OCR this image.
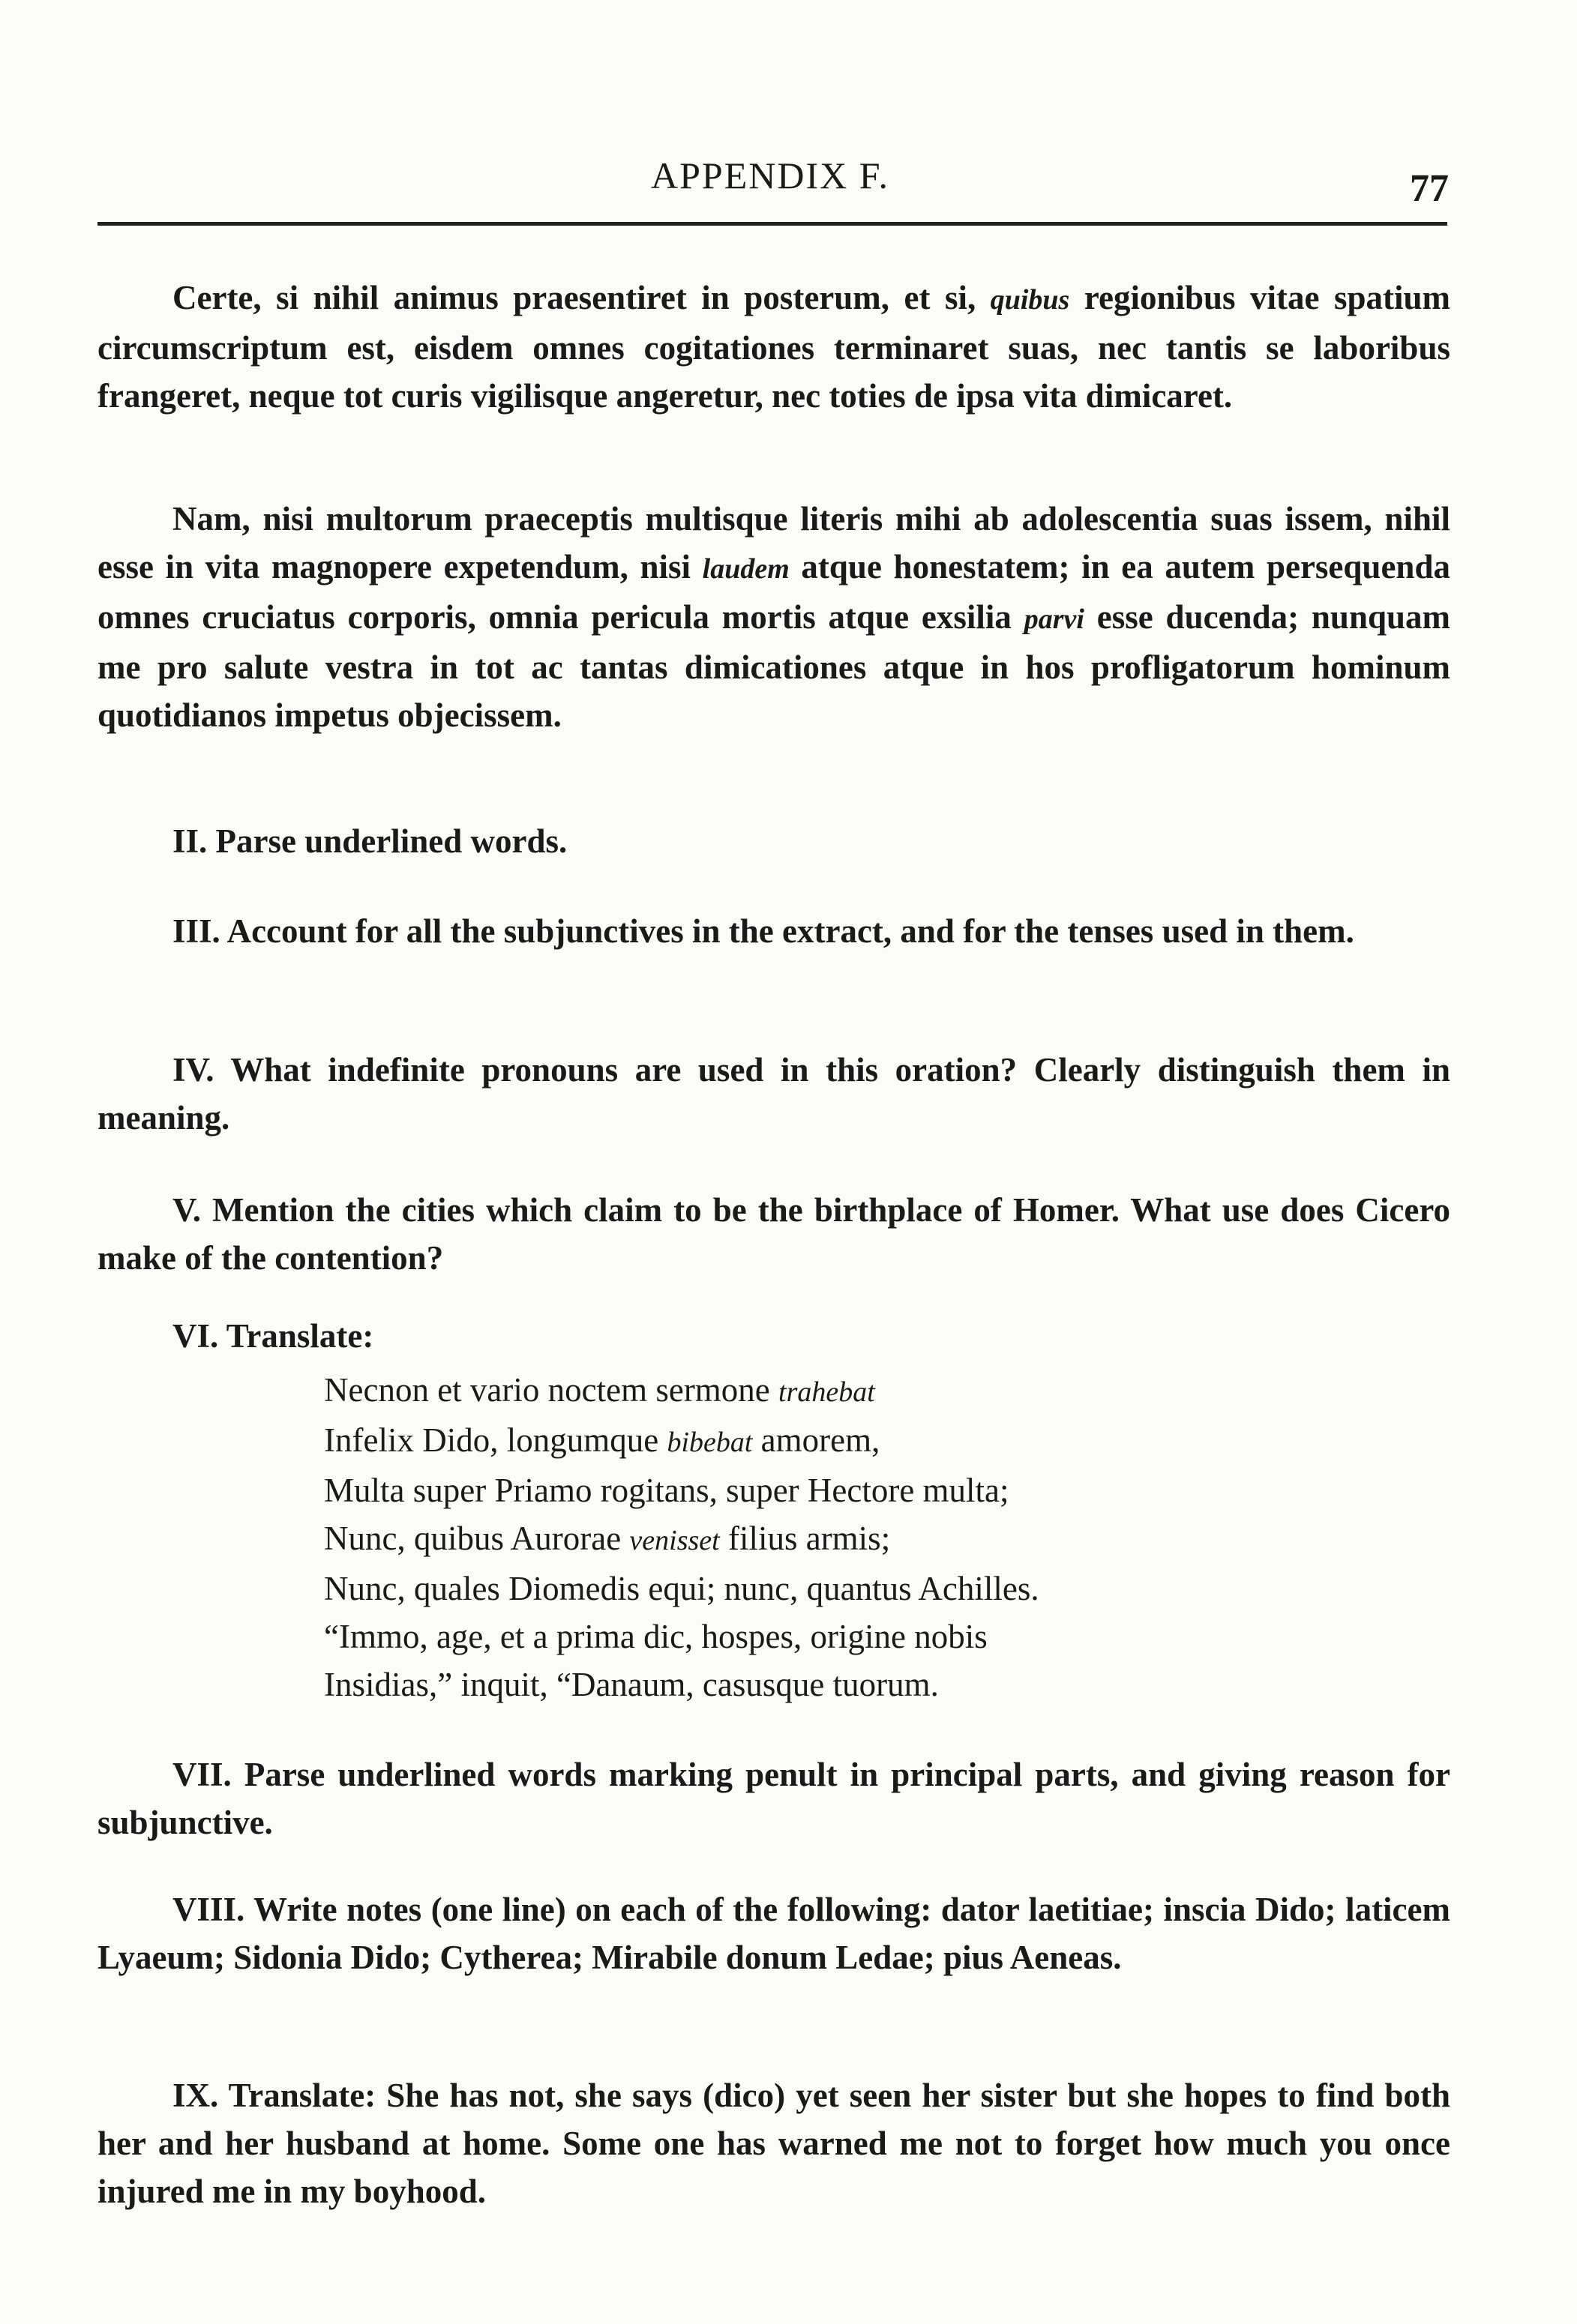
APPENDIX F.	77

Certe, si nihil animus praesentiret in posterum, et si, quibus regionibus vitae spatium circumscriptum est, eisdem omnes cogitationes terminaret suas, nec tantis se laboribus frangeret, neque tot curis vigilisque angeretur, nec toties de ipsa vita dimicaret.

Nam, nisi multorum praeceptis multisque literis mihi ab adolescentia suas issem, nihil esse in vita magnopere expetendum, nisi laudem atque honestatem; in ea autem persequenda omnes cruciatus corporis, omnia pericula mortis atque exsilia parvi esse ducenda; nunquam me pro salute vestra in tot ac tantas dimicationes atque in hos profligatorum hominum quotidianos impetus objecissem.

II. Parse underlined words.

III. Account for all the subjunctives in the extract, and for the tenses used in them.

IV. What indefinite pronouns are used in this oration? Clearly distinguish them in meaning.

V. Mention the cities which claim to be the birthplace of Homer. What use does Cicero make of the contention?

VI. Translate:

Necnon et vario noctem sermone trahebat
Infelix Dido, longumque bibebat amorem,
Multa super Priamo rogitans, super Hectore multa;
Nunc, quibus Aurorae venisset filius armis;
Nunc, quales Diomedis equi; nunc, quantus Achilles.
“Immo, age, et a prima dic, hospes, origine nobis
Insidias,” inquit, “Danaum, casusque tuorum.

VII. Parse underlined words marking penult in principal parts, and giving reason for subjunctive.

VIII. Write notes (one line) on each of the following: dator laetitiae; inscia Dido; laticem Lyaeum; Sidonia Dido; Cytherea; Mirabile donum Ledae; pius Aeneas.

IX. Translate: She has not, she says (dico) yet seen her sister but she hopes to find both her and her husband at home. Some one has warned me not to forget how much you once injured me in my boyhood.
